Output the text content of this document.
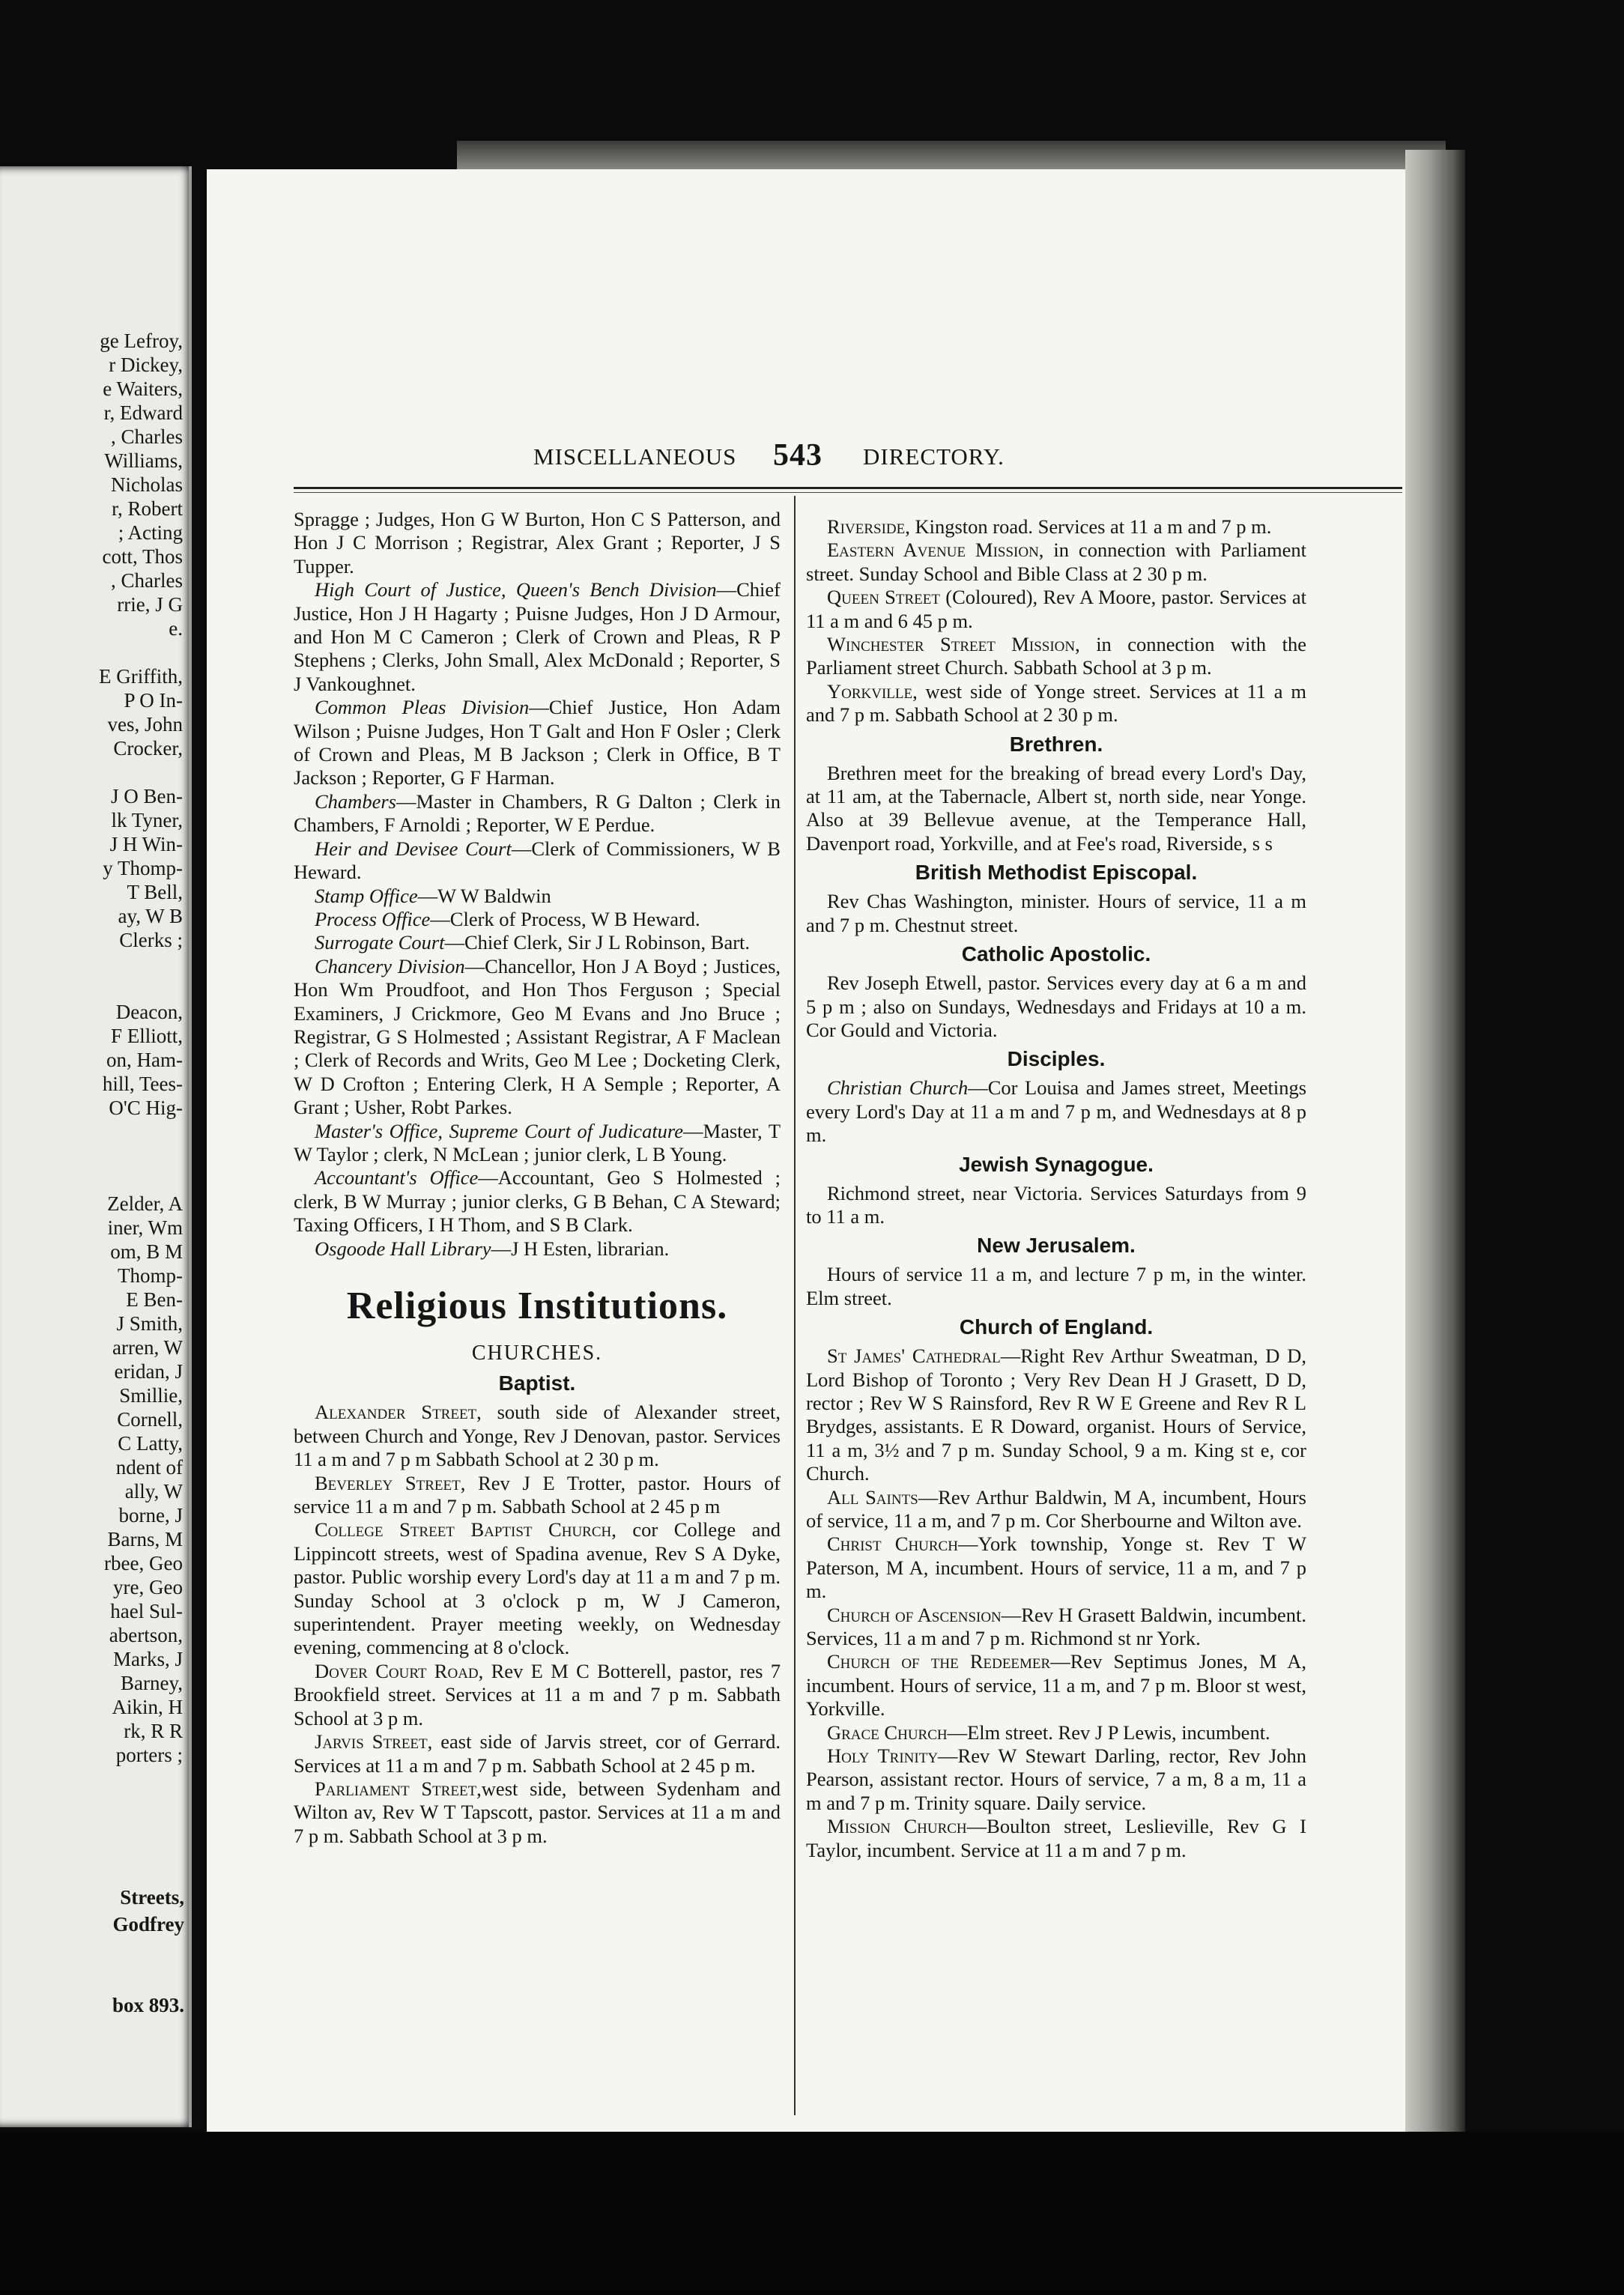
ge Lefroy,
r Dickey,
e Waiters,
r, Edward
, Charles
Williams,
Nicholas
r, Robert
; Acting
cott, Thos
, Charles
rrie, J G
e.
E Griffith,
P O In-
ves, John
Crocker,
J O Ben-
lk Tyner,
J H Win-
y Thomp-
T Bell,
ay, W B
Clerks ;
Deacon,
F Elliott,
on, Ham-
hill, Tees-
O'C Hig-
Zelder, A
iner, Wm
om, B M
Thomp-
E Ben-
J Smith,
arren, W
eridan, J
Smillie,
Cornell,
C Latty,
ndent of
ally, W
borne, J
Barns, M
rbee, Geo
yre, Geo
hael Sul-
abertson,
Marks, J
Barney,
Aikin, H
rk, R R
porters ;
Streets,
Godfrey
box 893.
MISCELLANEOUS 543 DIRECTORY.

Spragge ; Judges, Hon G W Burton, Hon C S Patterson, and Hon J C Morrison ; Registrar, Alex Grant ; Reporter, J S Tupper.

High Court of Justice, Queen's Bench Division—Chief Justice, Hon J H Hagarty ; Puisne Judges, Hon J D Armour, and Hon M C Cameron ; Clerk of Crown and Pleas, R P Stephens ; Clerks, John Small, Alex McDonald ; Reporter, S J Vankoughnet.

Common Pleas Division—Chief Justice, Hon Adam Wilson ; Puisne Judges, Hon T Galt and Hon F Osler ; Clerk of Crown and Pleas, M B Jackson ; Clerk in Office, B T Jackson ; Reporter, G F Harman.

Chambers—Master in Chambers, R G Dalton ; Clerk in Chambers, F Arnoldi ; Reporter, W E Perdue.

Heir and Devisee Court—Clerk of Commissioners, W B Heward.

Stamp Office—W W Baldwin

Process Office—Clerk of Process, W B Heward.

Surrogate Court—Chief Clerk, Sir J L Robinson, Bart.

Chancery Division—Chancellor, Hon J A Boyd ; Justices, Hon Wm Proudfoot, and Hon Thos Ferguson ; Special Examiners, J Crickmore, Geo M Evans and Jno Bruce ; Registrar, G S Holmested ; Assistant Registrar, A F Maclean ; Clerk of Records and Writs, Geo M Lee ; Docketing Clerk, W D Crofton ; Entering Clerk, H A Semple ; Reporter, A Grant ; Usher, Robt Parkes.

Master's Office, Supreme Court of Judicature—Master, T W Taylor ; clerk, N McLean ; junior clerk, L B Young.

Accountant's Office—Accountant, Geo S Holmested ; clerk, B W Murray ; junior clerks, G B Behan, C A Steward; Taxing Officers, I H Thom, and S B Clark.

Osgoode Hall Library—J H Esten, librarian.

Religious Institutions.

CHURCHES.

Baptist.

Alexander Street, south side of Alexander street, between Church and Yonge, Rev J Denovan, pastor. Services 11 a m and 7 p m Sabbath School at 2 30 p m.

Beverley Street, Rev J E Trotter, pastor. Hours of service 11 a m and 7 p m. Sabbath School at 2 45 p m

College Street Baptist Church, cor College and Lippincott streets, west of Spadina avenue, Rev S A Dyke, pastor. Public worship every Lord's day at 11 a m and 7 p m. Sunday School at 3 o'clock p m, W J Cameron, superintendent. Prayer meeting weekly, on Wednesday evening, commencing at 8 o'clock.

Dover Court Road, Rev E M C Botterell, pastor, res 7 Brookfield street. Services at 11 a m and 7 p m. Sabbath School at 3 p m.

Jarvis Street, east side of Jarvis street, cor of Gerrard. Services at 11 a m and 7 p m. Sabbath School at 2 45 p m.

Parliament Street,west side, between Sydenham and Wilton av, Rev W T Tapscott, pastor. Services at 11 a m and 7 p m. Sabbath School at 3 p m.

Riverside, Kingston road. Services at 11 a m and 7 p m.

Eastern Avenue Mission, in connection with Parliament street. Sunday School and Bible Class at 2 30 p m.

Queen Street (Coloured), Rev A Moore, pastor. Services at 11 a m and 6 45 p m.

Winchester Street Mission, in connection with the Parliament street Church. Sabbath School at 3 p m.

Yorkville, west side of Yonge street. Services at 11 a m and 7 p m. Sabbath School at 2 30 p m.

Brethren.

Brethren meet for the breaking of bread every Lord's Day, at 11 am, at the Tabernacle, Albert st, north side, near Yonge. Also at 39 Bellevue avenue, at the Temperance Hall, Davenport road, Yorkville, and at Fee's road, Riverside, s s

British Methodist Episcopal.

Rev Chas Washington, minister. Hours of service, 11 a m and 7 p m. Chestnut street.

Catholic Apostolic.

Rev Joseph Etwell, pastor. Services every day at 6 a m and 5 p m ; also on Sundays, Wednesdays and Fridays at 10 a m. Cor Gould and Victoria.

Disciples.

Christian Church—Cor Louisa and James street, Meetings every Lord's Day at 11 a m and 7 p m, and Wednesdays at 8 p m.

Jewish Synagogue.

Richmond street, near Victoria. Services Saturdays from 9 to 11 a m.

New Jerusalem.

Hours of service 11 a m, and lecture 7 p m, in the winter. Elm street.

Church of England.

St James' Cathedral—Right Rev Arthur Sweatman, D D, Lord Bishop of Toronto ; Very Rev Dean H J Grasett, D D, rector ; Rev W S Rainsford, Rev R W E Greene and Rev R L Brydges, assistants. E R Doward, organist. Hours of Service, 11 a m, 3½ and 7 p m. Sunday School, 9 a m. King st e, cor Church.

All Saints—Rev Arthur Baldwin, M A, incumbent, Hours of service, 11 a m, and 7 p m. Cor Sherbourne and Wilton ave.

Christ Church—York township, Yonge st. Rev T W Paterson, M A, incumbent. Hours of service, 11 a m, and 7 p m.

Church of Ascension—Rev H Grasett Baldwin, incumbent. Services, 11 a m and 7 p m. Richmond st nr York.

Church of the Redeemer—Rev Septimus Jones, M A, incumbent. Hours of service, 11 a m, and 7 p m. Bloor st west, Yorkville.

Grace Church—Elm street. Rev J P Lewis, incumbent.

Holy Trinity—Rev W Stewart Darling, rector, Rev John Pearson, assistant rector. Hours of service, 7 a m, 8 a m, 11 a m and 7 p m. Trinity square. Daily service.

Mission Church—Boulton street, Leslieville, Rev G I Taylor, incumbent. Service at 11 a m and 7 p m.
